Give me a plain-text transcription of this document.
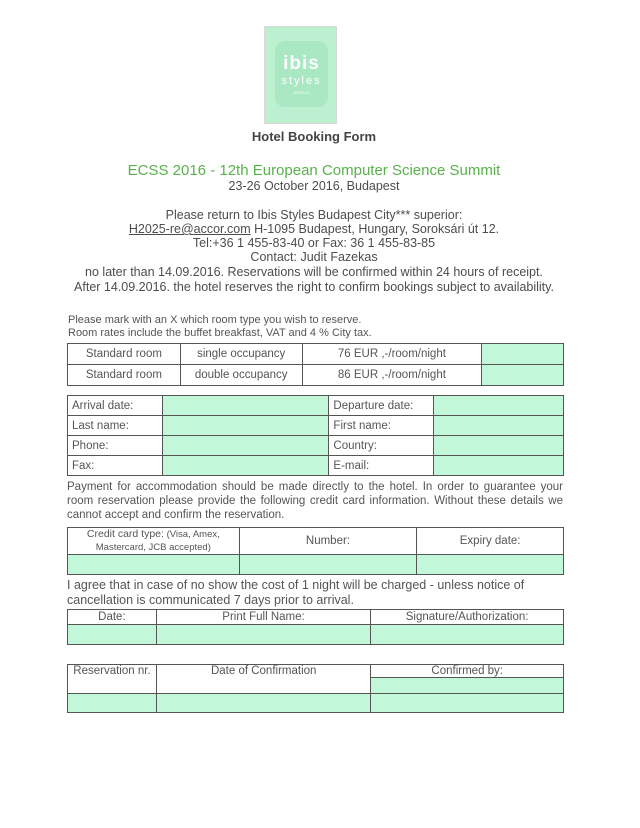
ibis
styles
HOTELS
Hotel Booking Form
ECSS 2016 - 12th European Computer Science Summit
23-26 October 2016, Budapest
Please return to Ibis Styles Budapest City*** superior:
H2025-re@accor.com H-1095 Budapest, Hungary, Soroksári út 12.
Tel:+36 1 455-83-40 or Fax: 36 1 455-83-85
Contact: Judit Fazekas
no later than 14.09.2016. Reservations will be confirmed within 24 hours of receipt.
After 14.09.2016. the hotel reserves the right to confirm bookings subject to availability.
Please mark with an X which room type you wish to reserve.
Room rates include the buffet breakfast, VAT and 4 % City tax.
Standard room	single occupancy	76 EUR ,-/room/night	
Standard room	double occupancy	86 EUR ,-/room/night	
Arrival date:		Departure date:	
Last name:		First name:	
Phone:		Country:	
Fax:		E-mail:	
Payment for accommodation should be made directly to the hotel. In order to guarantee your room reservation please provide the following credit card information. Without these details we cannot accept and confirm the reservation.
Credit card type: (Visa, Amex, Mastercard, JCB accepted)	Number:	Expiry date:

I agree that in case of no show the cost of 1 night will be charged - unless notice of cancellation is communicated 7 days prior to arrival.
Date:	Print Full Name:	Signature/Authorization:

Reservation nr.	Date of Confirmation	Confirmed by:
